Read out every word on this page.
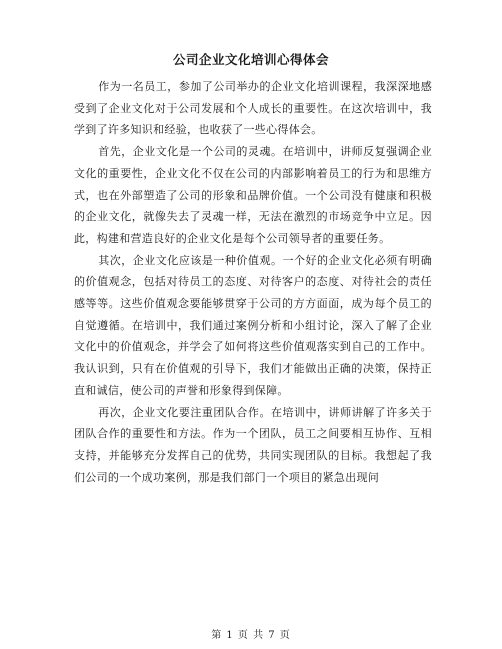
公司企业文化培训心得体会

作为一名员工，参加了公司举办的企业文化培训课程，我深深地感受到了企业文化对于公司发展和个人成长的重要性。在这次培训中，我学到了许多知识和经验，也收获了一些心得体会。

首先，企业文化是一个公司的灵魂。在培训中，讲师反复强调企业文化的重要性，企业文化不仅在公司的内部影响着员工的行为和思维方式，也在外部塑造了公司的形象和品牌价值。一个公司没有健康和积极的企业文化，就像失去了灵魂一样，无法在激烈的市场竞争中立足。因此，构建和营造良好的企业文化是每个公司领导者的重要任务。

其次，企业文化应该是一种价值观。一个好的企业文化必须有明确的价值观念，包括对待员工的态度、对待客户的态度、对待社会的责任感等等。这些价值观念要能够贯穿于公司的方方面面，成为每个员工的自觉遵循。在培训中，我们通过案例分析和小组讨论，深入了解了企业文化中的价值观念，并学会了如何将这些价值观落实到自己的工作中。我认识到，只有在价值观的引导下，我们才能做出正确的决策，保持正直和诚信，使公司的声誉和形象得到保障。

再次，企业文化要注重团队合作。在培训中，讲师讲解了许多关于团队合作的重要性和方法。作为一个团队，员工之间要相互协作、互相支持，并能够充分发挥自己的优势，共同实现团队的目标。我想起了我们公司的一个成功案例，那是我们部门一个项目的紧急出现问

第 1 页 共 7 页
